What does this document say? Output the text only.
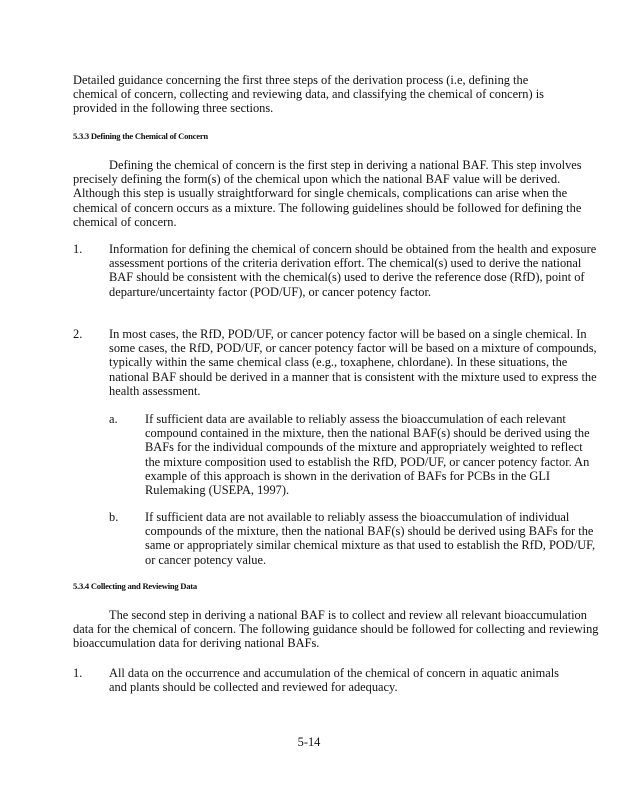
Detailed guidance concerning the first three steps of the derivation process (i.e, defining the chemical of concern, collecting and reviewing data, and classifying the chemical of concern) is provided in the following three sections.

5.3.3 Defining the Chemical of Concern

Defining the chemical of concern is the first step in deriving a national BAF. This step involves precisely defining the form(s) of the chemical upon which the national BAF value will be derived. Although this step is usually straightforward for single chemicals, complications can arise when the chemical of concern occurs as a mixture. The following guidelines should be followed for defining the chemical of concern.

1. Information for defining the chemical of concern should be obtained from the health and exposure assessment portions of the criteria derivation effort. The chemical(s) used to derive the national BAF should be consistent with the chemical(s) used to derive the reference dose (RfD), point of departure/uncertainty factor (POD/UF), or cancer potency factor.

2. In most cases, the RfD, POD/UF, or cancer potency factor will be based on a single chemical. In some cases, the RfD, POD/UF, or cancer potency factor will be based on a mixture of compounds, typically within the same chemical class (e.g., toxaphene, chlordane). In these situations, the national BAF should be derived in a manner that is consistent with the mixture used to express the health assessment.

a. If sufficient data are available to reliably assess the bioaccumulation of each relevant compound contained in the mixture, then the national BAF(s) should be derived using the BAFs for the individual compounds of the mixture and appropriately weighted to reflect the mixture composition used to establish the RfD, POD/UF, or cancer potency factor. An example of this approach is shown in the derivation of BAFs for PCBs in the GLI Rulemaking (USEPA, 1997).

b. If sufficient data are not available to reliably assess the bioaccumulation of individual compounds of the mixture, then the national BAF(s) should be derived using BAFs for the same or appropriately similar chemical mixture as that used to establish the RfD, POD/UF, or cancer potency value.

5.3.4 Collecting and Reviewing Data

The second step in deriving a national BAF is to collect and review all relevant bioaccumulation data for the chemical of concern. The following guidance should be followed for collecting and reviewing bioaccumulation data for deriving national BAFs.

1. All data on the occurrence and accumulation of the chemical of concern in aquatic animals and plants should be collected and reviewed for adequacy.

5-14
